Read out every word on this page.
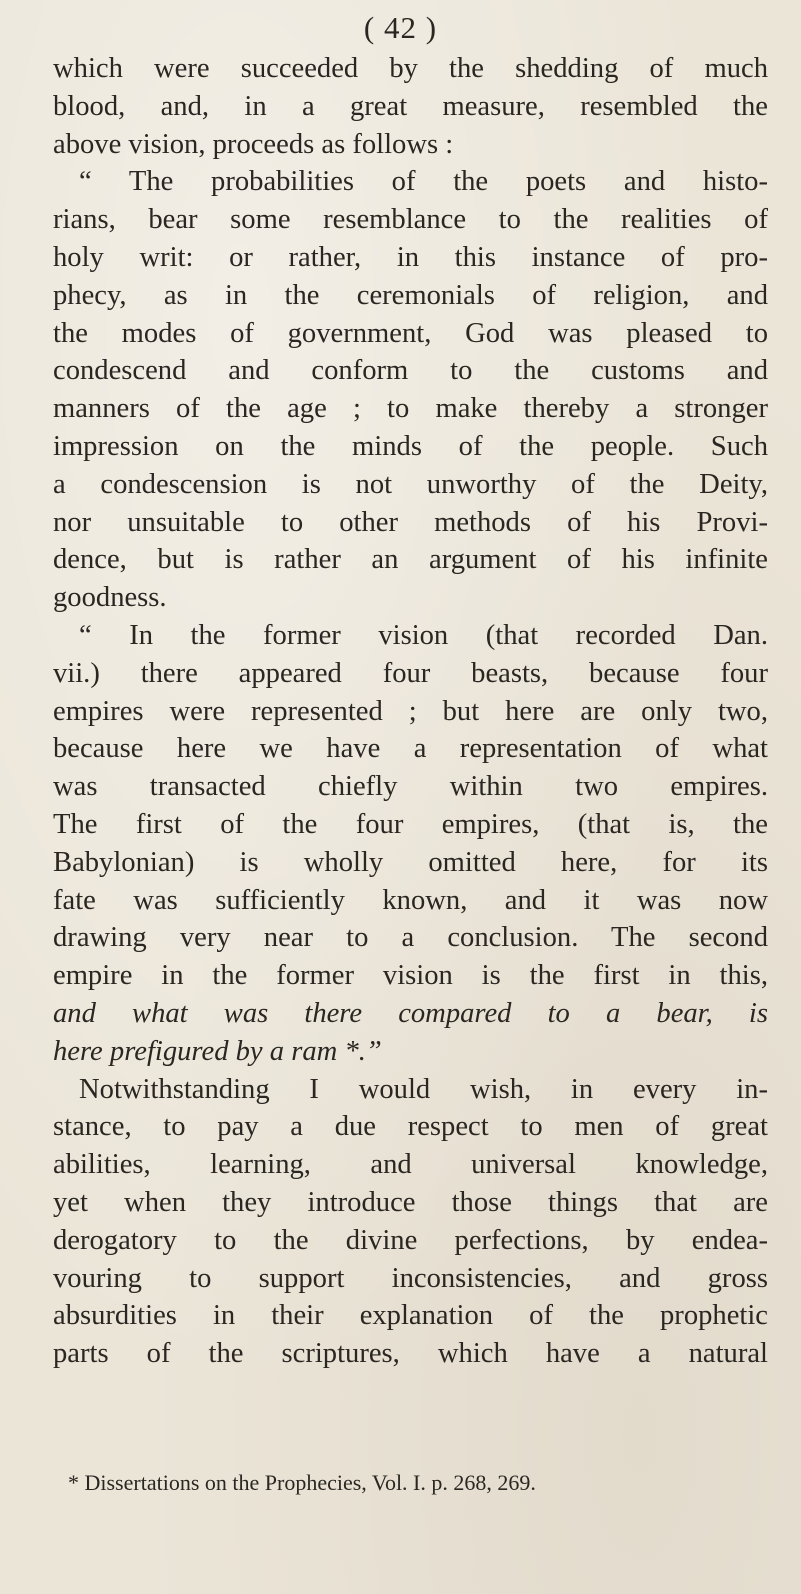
( 42 )
which were succeeded by the shedding of much
blood, and, in a great measure, resembled the
above vision, proceeds as follows :
“ The probabilities of the poets and histo-
rians, bear some resemblance to the realities of
holy writ: or rather, in this instance of pro-
phecy, as in the ceremonials of religion, and
the modes of government, God was pleased to
condescend and conform to the customs and
manners of the age ; to make thereby a stronger
impression on the minds of the people. Such
a condescension is not unworthy of the Deity,
nor unsuitable to other methods of his Provi-
dence, but is rather an argument of his infinite
goodness.
“ In the former vision (that recorded Dan.
vii.) there appeared four beasts, because four
empires were represented ; but here are only two,
because here we have a representation of what
was transacted chiefly within two empires.
The first of the four empires, (that is, the
Babylonian) is wholly omitted here, for its
fate was sufficiently known, and it was now
drawing very near to a conclusion. The second
empire in the former vision is the first in this,
and what was there compared to a bear, is
here prefigured by a ram *.”
Notwithstanding I would wish, in every in-
stance, to pay a due respect to men of great
abilities, learning, and universal knowledge,
yet when they introduce those things that are
derogatory to the divine perfections, by endea-
vouring to support inconsistencies, and gross
absurdities in their explanation of the prophetic
parts of the scriptures, which have a natural
* Dissertations on the Prophecies, Vol. I. p. 268, 269.
